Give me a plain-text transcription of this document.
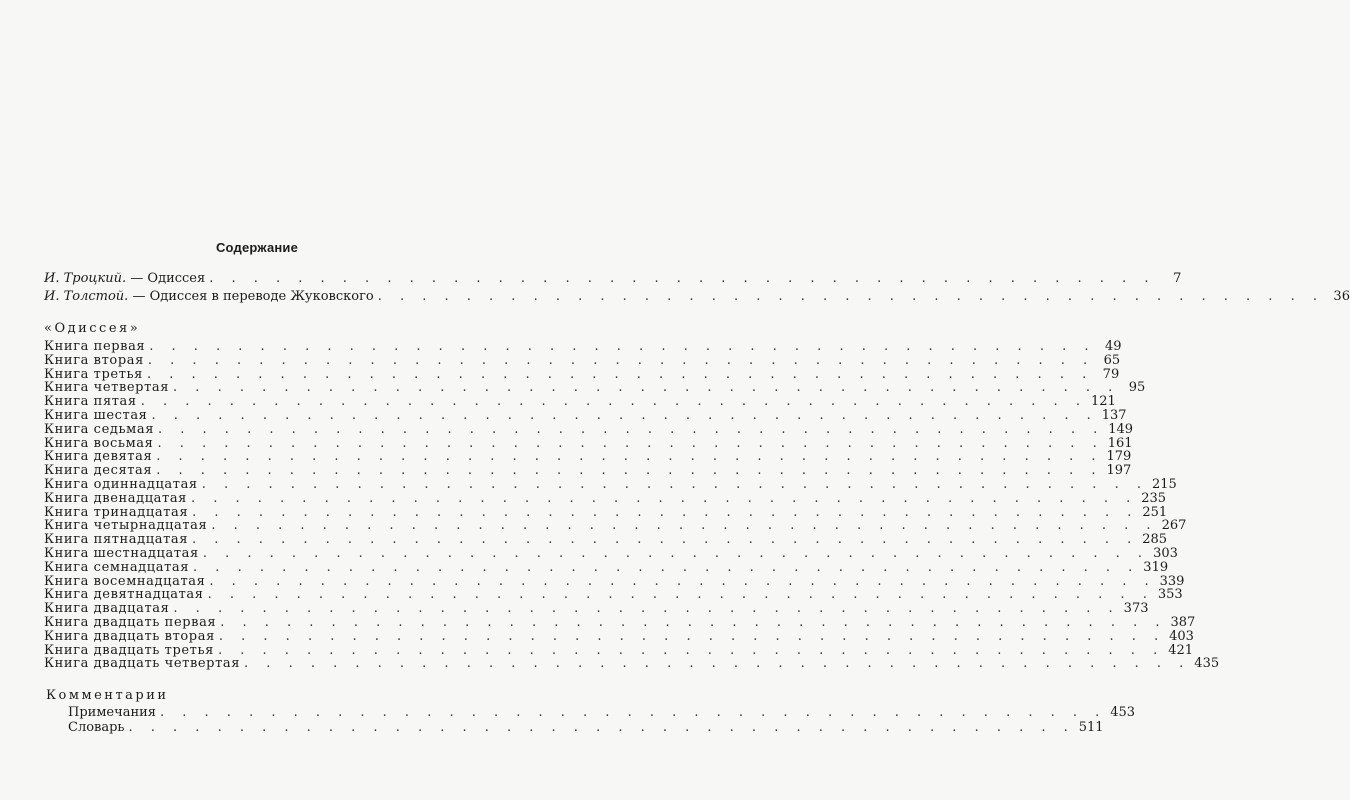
Содержание
И. Троцкий. — Одиссея . . . . . . . . . . . . . . . . . . . . . . . . . . . . . . . . . . . . . . . . . . .	7
И. Толстой. — Одиссея в переводе Жуковского . . . . . . . . . . . . . . . . . . . . . . . . . . . . . . . . . . . . . . . . . . . 36
«Одиссея»
Книга первая . . . . . . . . . . . . . . . . . . . . . . . . . . . . . . . . . . . . . . . . . . . 49
Книга вторая . . . . . . . . . . . . . . . . . . . . . . . . . . . . . . . . . . . . . . . . . . . 65
Книга третья . . . . . . . . . . . . . . . . . . . . . . . . . . . . . . . . . . . . . . . . . . . 79
Книга четвертая . . . . . . . . . . . . . . . . . . . . . . . . . . . . . . . . . . . . . . . . . . . 95
Книга пятая . . . . . . . . . . . . . . . . . . . . . . . . . . . . . . . . . . . . . . . . . . . 121
Книга шестая . . . . . . . . . . . . . . . . . . . . . . . . . . . . . . . . . . . . . . . . . . . 137
Книга седьмая . . . . . . . . . . . . . . . . . . . . . . . . . . . . . . . . . . . . . . . . . . . 149
Книга восьмая . . . . . . . . . . . . . . . . . . . . . . . . . . . . . . . . . . . . . . . . . . . 161
Книга девятая . . . . . . . . . . . . . . . . . . . . . . . . . . . . . . . . . . . . . . . . . . . 179
Книга десятая . . . . . . . . . . . . . . . . . . . . . . . . . . . . . . . . . . . . . . . . . . . 197
Книга одиннадцатая . . . . . . . . . . . . . . . . . . . . . . . . . . . . . . . . . . . . . . . . . . . 215
Книга двенадцатая . . . . . . . . . . . . . . . . . . . . . . . . . . . . . . . . . . . . . . . . . . . 235
Книга тринадцатая . . . . . . . . . . . . . . . . . . . . . . . . . . . . . . . . . . . . . . . . . . . 251
Книга четырнадцатая . . . . . . . . . . . . . . . . . . . . . . . . . . . . . . . . . . . . . . . . . . . 267
Книга пятнадцатая . . . . . . . . . . . . . . . . . . . . . . . . . . . . . . . . . . . . . . . . . . . 285
Книга шестнадцатая . . . . . . . . . . . . . . . . . . . . . . . . . . . . . . . . . . . . . . . . . . . 303
Книга семнадцатая . . . . . . . . . . . . . . . . . . . . . . . . . . . . . . . . . . . . . . . . . . . 319
Книга восемнадцатая . . . . . . . . . . . . . . . . . . . . . . . . . . . . . . . . . . . . . . . . . . . 339
Книга девятнадцатая . . . . . . . . . . . . . . . . . . . . . . . . . . . . . . . . . . . . . . . . . . . 353
Книга двадцатая . . . . . . . . . . . . . . . . . . . . . . . . . . . . . . . . . . . . . . . . . . . 373
Книга двадцать первая . . . . . . . . . . . . . . . . . . . . . . . . . . . . . . . . . . . . . . . . . . . 387
Книга двадцать вторая . . . . . . . . . . . . . . . . . . . . . . . . . . . . . . . . . . . . . . . . . . . 403
Книга двадцать третья . . . . . . . . . . . . . . . . . . . . . . . . . . . . . . . . . . . . . . . . . . . 421
Книга двадцать четвертая . . . . . . . . . . . . . . . . . . . . . . . . . . . . . . . . . . . . . . . . . . . 435
Комментарии
Примечания . . . . . . . . . . . . . . . . . . . . . . . . . . . . . . . . . . . . . . . . . . . 453
Словарь . . . . . . . . . . . . . . . . . . . . . . . . . . . . . . . . . . . . . . . . . . . 511
